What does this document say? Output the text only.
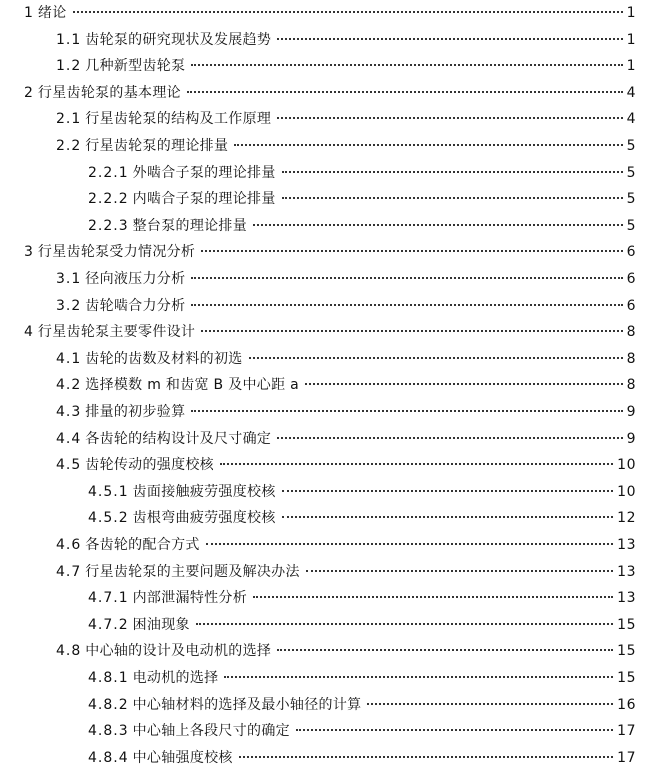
1 绪论	1
1.1 齿轮泵的研究现状及发展趋势	1
1.2 几种新型齿轮泵	1
2 行星齿轮泵的基本理论	4
2.1 行星齿轮泵的结构及工作原理	4
2.2 行星齿轮泵的理论排量	5
2.2.1 外啮合子泵的理论排量	5
2.2.2 内啮合子泵的理论排量	5
2.2.3 整台泵的理论排量	5
3 行星齿轮泵受力情况分析	6
3.1 径向液压力分析	6
3.2 齿轮啮合力分析	6
4 行星齿轮泵主要零件设计	8
4.1 齿轮的齿数及材料的初选	8
4.2 选择模数 m 和齿宽 B 及中心距 a	8
4.3 排量的初步验算	9
4.4 各齿轮的结构设计及尺寸确定	9
4.5 齿轮传动的强度校核	10
4.5.1 齿面接触疲劳强度校核	10
4.5.2 齿根弯曲疲劳强度校核	12
4.6 各齿轮的配合方式	13
4.7 行星齿轮泵的主要问题及解决办法	13
4.7.1 内部泄漏特性分析	13
4.7.2 困油现象	15
4.8 中心轴的设计及电动机的选择	15
4.8.1 电动机的选择	15
4.8.2 中心轴材料的选择及最小轴径的计算	16
4.8.3 中心轴上各段尺寸的确定	17
4.8.4 中心轴强度校核	17
